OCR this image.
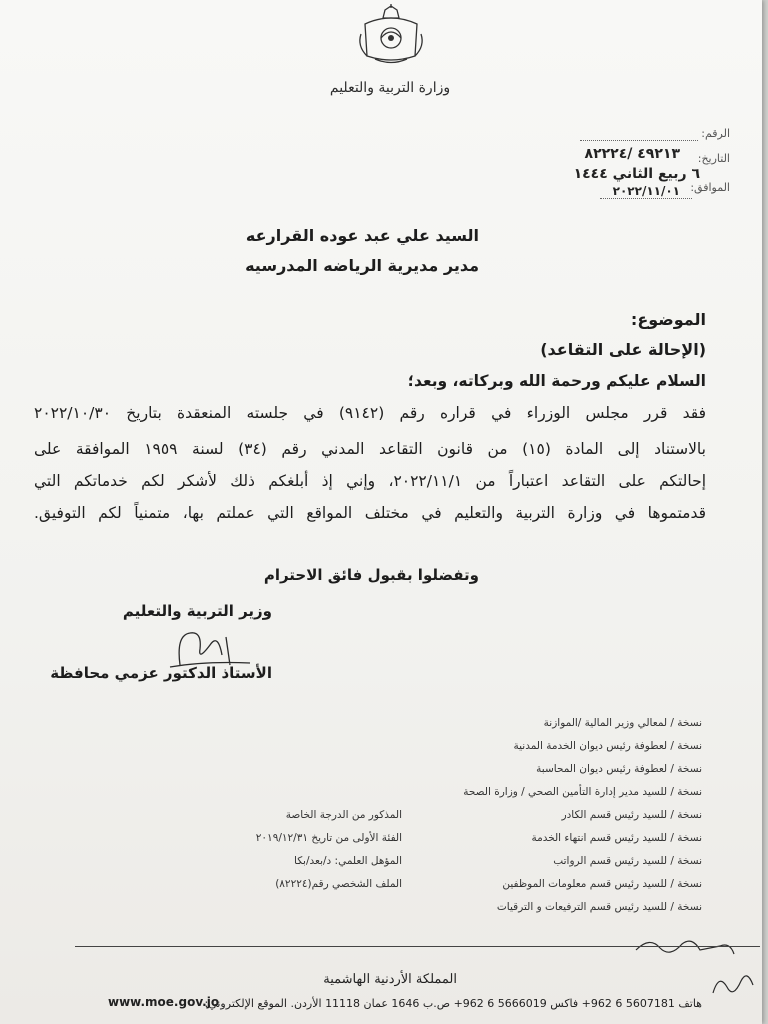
وزارة التربية والتعليم
الرقم:
التاريخ:
٤٩٢١٣ /٨٢٢٢٤
٦ ربيع الثاني ١٤٤٤
الموافق:
٢٠٢٢/١١/٠١
السيد علي عبد عوده القرارعه
مدير مديرية الرياضه المدرسيه
الموضوع:
(الإحالة على التقاعد)
السلام عليكم ورحمة الله وبركاته، وبعد؛
فقد قرر مجلس الوزراء في قراره رقم (٩١٤٢) في جلسته المنعقدة بتاريخ ٢٠٢٢/١٠/٣٠
بالاستناد إلى المادة (١٥) من قانون التقاعد المدني رقم (٣٤) لسنة ١٩٥٩ الموافقة على
إحالتكم على التقاعد اعتباراً من ٢٠٢٢/١١/١، وإني إذ أبلغكم ذلك لأشكر لكم خدماتكم التي
قدمتموها في وزارة التربية والتعليم في مختلف المواقع التي عملتم بها، متمنياً لكم التوفيق.
وتفضلوا بقبول فائق الاحترام
وزير التربية والتعليم
الأستاذ الدكتور عزمي محافظة
نسخة / لمعالي وزير المالية /الموازنة
نسخة / لعطوفة رئيس ديوان الخدمة المدنية
نسخة / لعطوفة رئيس ديوان المحاسبة
نسخة / للسيد مدير إدارة التأمين الصحي / وزارة الصحة
نسخة / للسيد رئيس قسم الكادر
نسخة / للسيد رئيس قسم انتهاء الخدمة
نسخة / للسيد رئيس قسم الرواتب
نسخة / للسيد رئيس قسم معلومات الموظفين
نسخة / للسيد رئيس قسم الترفيعات و الترقيات
المذكور من الدرجة الخاصة
الفئة الأولى من تاريخ ٢٠١٩/١٢/٣١
المؤهل العلمي: د/بعد/بكا
الملف الشخصي رقم(٨٢٢٢٤)
المملكة الأردنية الهاشمية
هاتف 5607181 6 962+ فاكس 5666019 6 962+ ص.ب 1646 عمان 11118 الأردن. الموقع الإلكتروني:
www.moe.gov.jo
